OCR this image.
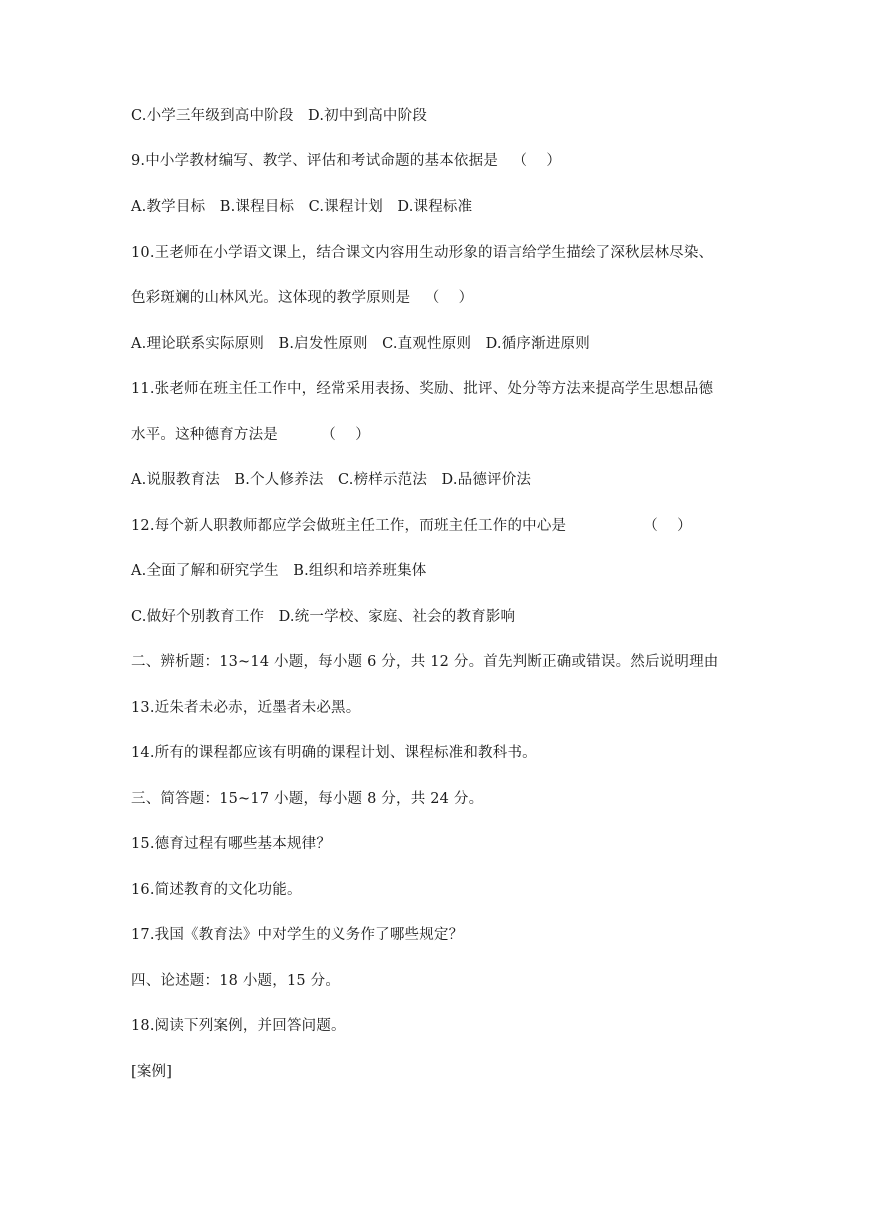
C.小学三年级到高中阶段   D.初中到高中阶段
9.中小学教材编写、教学、评估和考试命题的基本依据是   （    ）
A.教学目标   B.课程目标   C.课程计划   D.课程标准
10.王老师在小学语文课上，结合课文内容用生动形象的语言给学生描绘了深秋层林尽染、
色彩斑斓的山林风光。这体现的教学原则是   （    ）
A.理论联系实际原则   B.启发性原则   C.直观性原则   D.循序渐进原则
11.张老师在班主任工作中，经常采用表扬、奖励、批评、处分等方法来提高学生思想品德
水平。这种德育方法是         （    ）
A.说服教育法   B.个人修养法   C.榜样示范法   D.品德评价法
12.每个新人职教师都应学会做班主任工作，而班主任工作的中心是                （    ）
A.全面了解和研究学生   B.组织和培养班集体
C.做好个别教育工作   D.统一学校、家庭、社会的教育影响
二、辨析题：13~14 小题，每小题 6 分，共 12 分。首先判断正确或错误。然后说明理由
13.近朱者未必赤，近墨者未必黑。
14.所有的课程都应该有明确的课程计划、课程标准和教科书。
三、简答题：15~17 小题，每小题 8 分，共 24 分。
15.德育过程有哪些基本规律？
16.简述教育的文化功能。
17.我国《教育法》中对学生的义务作了哪些规定？
四、论述题：18 小题，15 分。
18.阅读下列案例，并回答问题。
[案例]
